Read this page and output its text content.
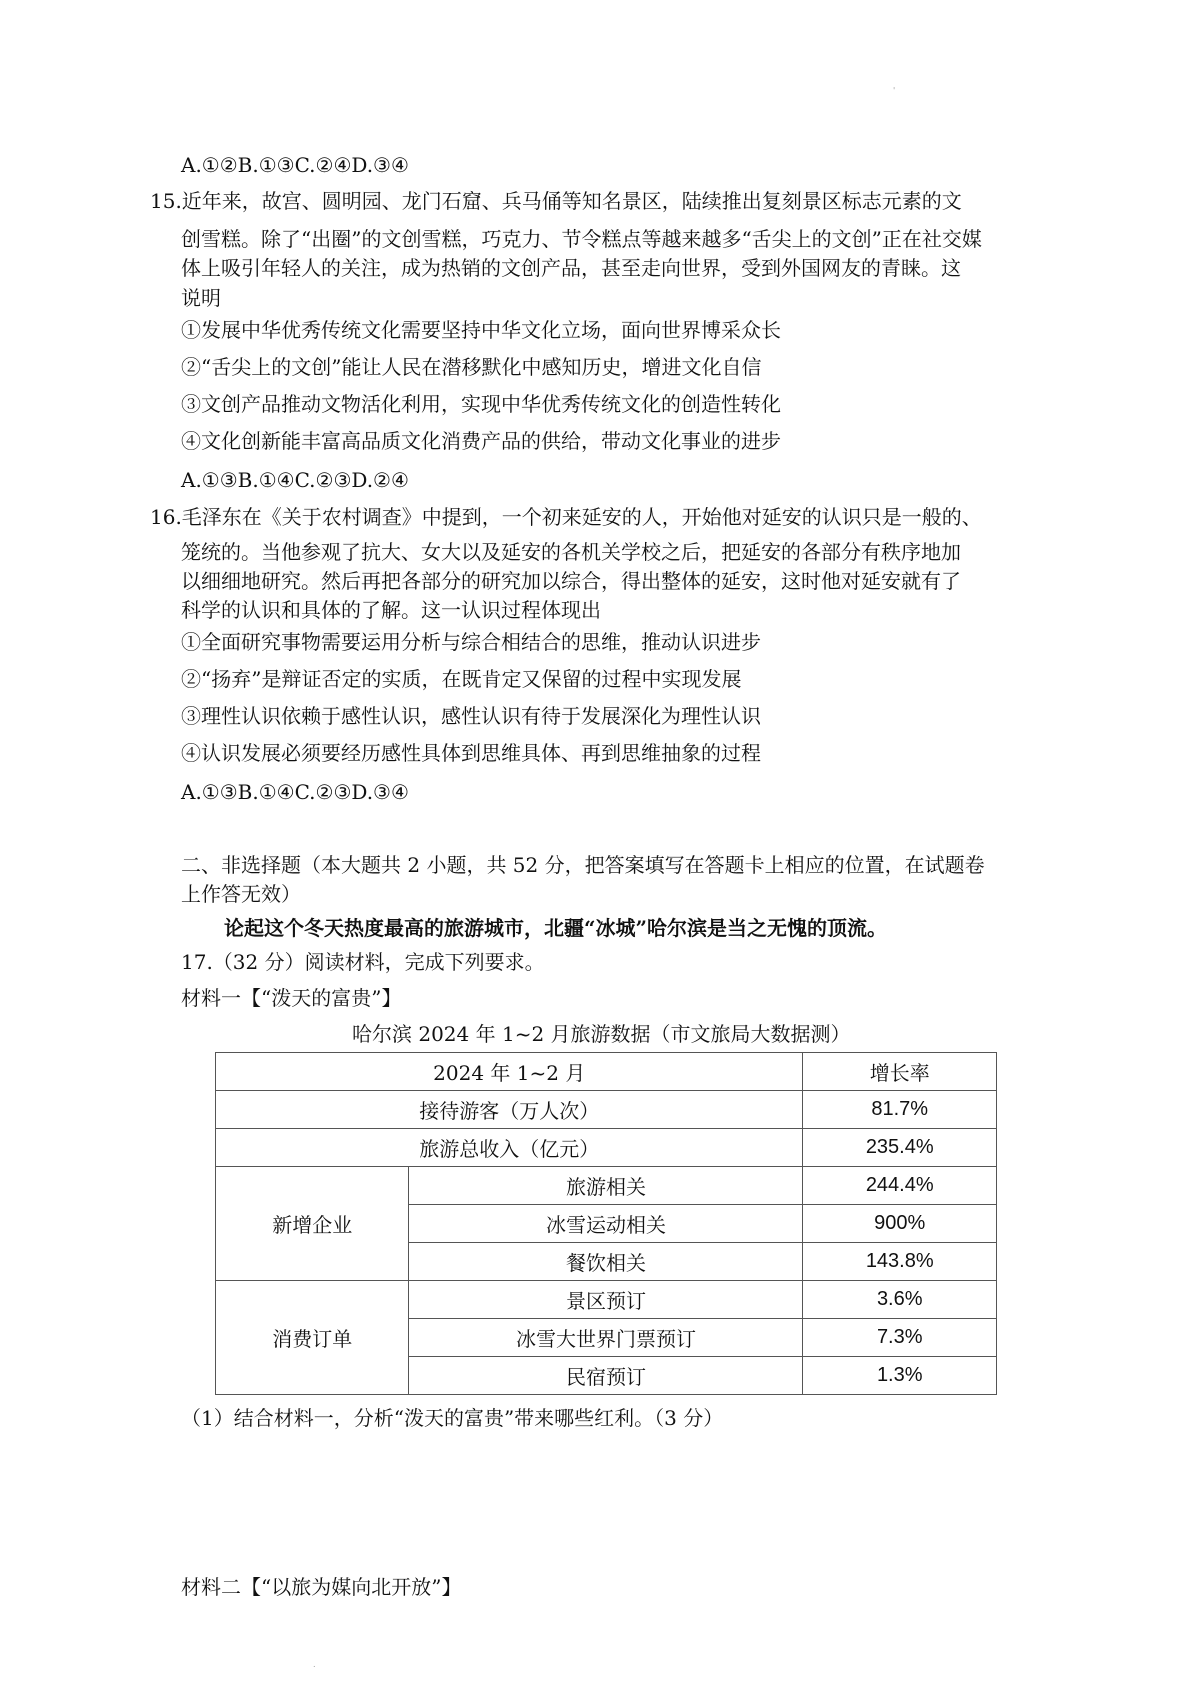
'
A.①②B.①③C.②④D.③④
15.近年来，故宫、圆明园、龙门石窟、兵马俑等知名景区，陆续推出复刻景区标志元素的文
创雪糕。除了“出圈”的文创雪糕，巧克力、节令糕点等越来越多“舌尖上的文创”正在社交媒
体上吸引年轻人的关注，成为热销的文创产品，甚至走向世界，受到外国网友的青睐。这
说明
①发展中华优秀传统文化需要坚持中华文化立场，面向世界博采众长
②“舌尖上的文创”能让人民在潜移默化中感知历史，增进文化自信
③文创产品推动文物活化利用，实现中华优秀传统文化的创造性转化
④文化创新能丰富高品质文化消费产品的供给，带动文化事业的进步
A.①③B.①④C.②③D.②④
16.毛泽东在《关于农村调查》中提到，一个初来延安的人，开始他对延安的认识只是一般的、
笼统的。当他参观了抗大、女大以及延安的各机关学校之后，把延安的各部分有秩序地加
以细细地研究。然后再把各部分的研究加以综合，得出整体的延安，这时他对延安就有了
科学的认识和具体的了解。这一认识过程体现出
①全面研究事物需要运用分析与综合相结合的思维，推动认识进步
②“扬弃”是辩证否定的实质，在既肯定又保留的过程中实现发展
③理性认识依赖于感性认识，感性认识有待于发展深化为理性认识
④认识发展必须要经历感性具体到思维具体、再到思维抽象的过程
A.①③B.①④C.②③D.③④
二、非选择题（本大题共 2 小题，共 52 分，把答案填写在答题卡上相应的位置，在试题卷
上作答无效）
论起这个冬天热度最高的旅游城市，北疆“冰城”哈尔滨是当之无愧的顶流。
17.（32 分）阅读材料，完成下列要求。
材料一【“泼天的富贵”】
哈尔滨 2024 年 1~2 月旅游数据（市文旅局大数据测）
2024 年 1~2 月		增长率
接待游客（万人次）		81.7%
旅游总收入（亿元）		235.4%
新增企业	旅游相关	244.4%
	冰雪运动相关	900%
	餐饮相关	143.8%
消费订单	景区预订	3.6%
	冰雪大世界门票预订	7.3%
	民宿预订	1.3%
（1）结合材料一，分析“泼天的富贵”带来哪些红利。（3 分）
材料二【“以旅为媒向北开放”】
.
